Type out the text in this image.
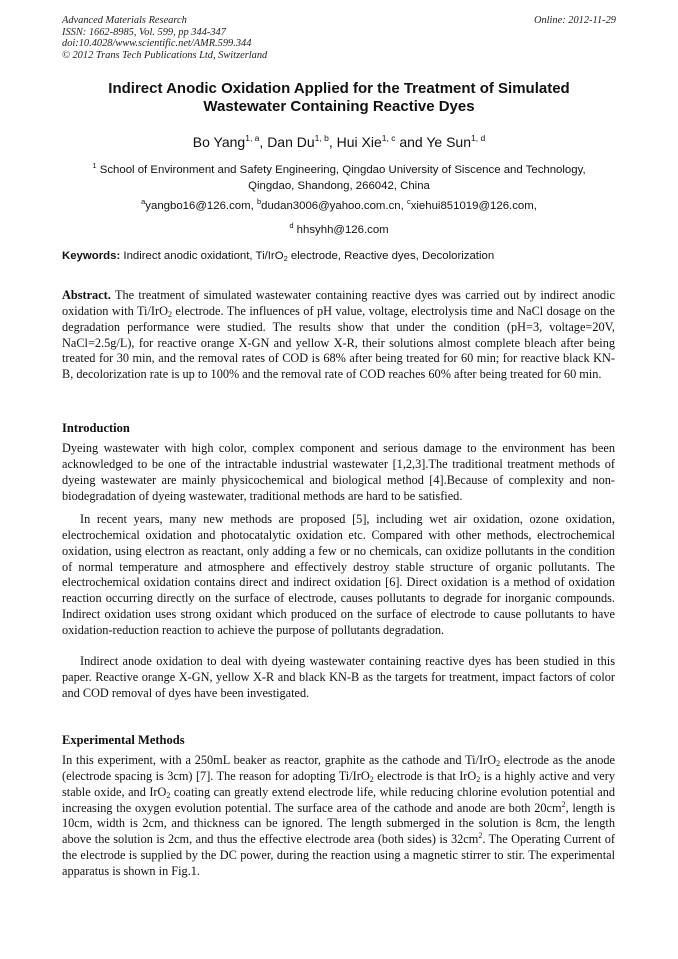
Advanced Materials Research
ISSN: 1662-8985, Vol. 599, pp 344-347
doi:10.4028/www.scientific.net/AMR.599.344
© 2012 Trans Tech Publications Ltd, Switzerland
Online: 2012-11-29
Indirect Anodic Oxidation Applied for the Treatment of Simulated
Wastewater Containing Reactive Dyes
Bo Yang$^{1, a}$, Dan Du$^{1, b}$, Hui Xie$^{1, c}$ and Ye Sun$^{1, d}$
$^1$ School of Environment and Safety Engineering, Qingdao University of Siscence and Technology,
Qingdao, Shandong, 266042, China
$^a$yangbo16@126.com, $^b$dudan3006@yahoo.com.cn, $^c$xiehui851019@126.com,
$^d$ hhsyhh@126.com
Keywords: Indirect anodic oxidationt, Ti/IrO$_2$ electrode, Reactive dyes, Decolorization
Abstract. The treatment of simulated wastewater containing reactive dyes was carried out by indirect anodic oxidation with Ti/IrO$_2$ electrode. The influences of pH value, voltage, electrolysis time and NaCl dosage on the degradation performance were studied. The results show that under the condition (pH=3, voltage=20V, NaCl=2.5g/L), for reactive orange X-GN and yellow X-R, their solutions almost complete bleach after being treated for 30 min, and the removal rates of COD is 68% after being treated for 60 min; for reactive black KN-B, decolorization rate is up to 100% and the removal rate of COD reaches 60% after being treated for 60 min.
Introduction
Dyeing wastewater with high color, complex component and serious damage to the environment has been acknowledged to be one of the intractable industrial wastewater [1,2,3].The traditional treatment methods of dyeing wastewater are mainly physicochemical and biological method [4].Because of complexity and non-biodegradation of dyeing wastewater, traditional methods are hard to be satisfied.
In recent years, many new methods are proposed [5], including wet air oxidation, ozone oxidation, electrochemical oxidation and photocatalytic oxidation etc. Compared with other methods, electrochemical oxidation, using electron as reactant, only adding a few or no chemicals, can oxidize pollutants in the condition of normal temperature and atmosphere and effectively destroy stable structure of organic pollutants. The electrochemical oxidation contains direct and indirect oxidation [6]. Direct oxidation is a method of oxidation reaction occurring directly on the surface of electrode, causes pollutants to degrade for inorganic compounds. Indirect oxidation uses strong oxidant which produced on the surface of electrode to cause pollutants to have oxidation-reduction reaction to achieve the purpose of pollutants degradation.
Indirect anode oxidation to deal with dyeing wastewater containing reactive dyes has been studied in this paper. Reactive orange X-GN, yellow X-R and black KN-B as the targets for treatment, impact factors of color and COD removal of dyes have been investigated.
Experimental Methods
In this experiment, with a 250mL beaker as reactor, graphite as the cathode and Ti/IrO$_2$ electrode as the anode (electrode spacing is 3cm) [7]. The reason for adopting Ti/IrO$_2$ electrode is that IrO$_2$ is a highly active and very stable oxide, and IrO$_2$ coating can greatly extend electrode life, while reducing chlorine evolution potential and increasing the oxygen evolution potential. The surface area of the cathode and anode are both $20cm^2$, length is 10cm, width is 2cm, and thickness can be ignored. The length submerged in the solution is 8cm, the length above the solution is 2cm, and thus the effective electrode area (both sides) is $32cm^2$. The Operating Current of the electrode is supplied by the DC power, during the reaction using a magnetic stirrer to stir. The experimental apparatus is shown in Fig.1.
